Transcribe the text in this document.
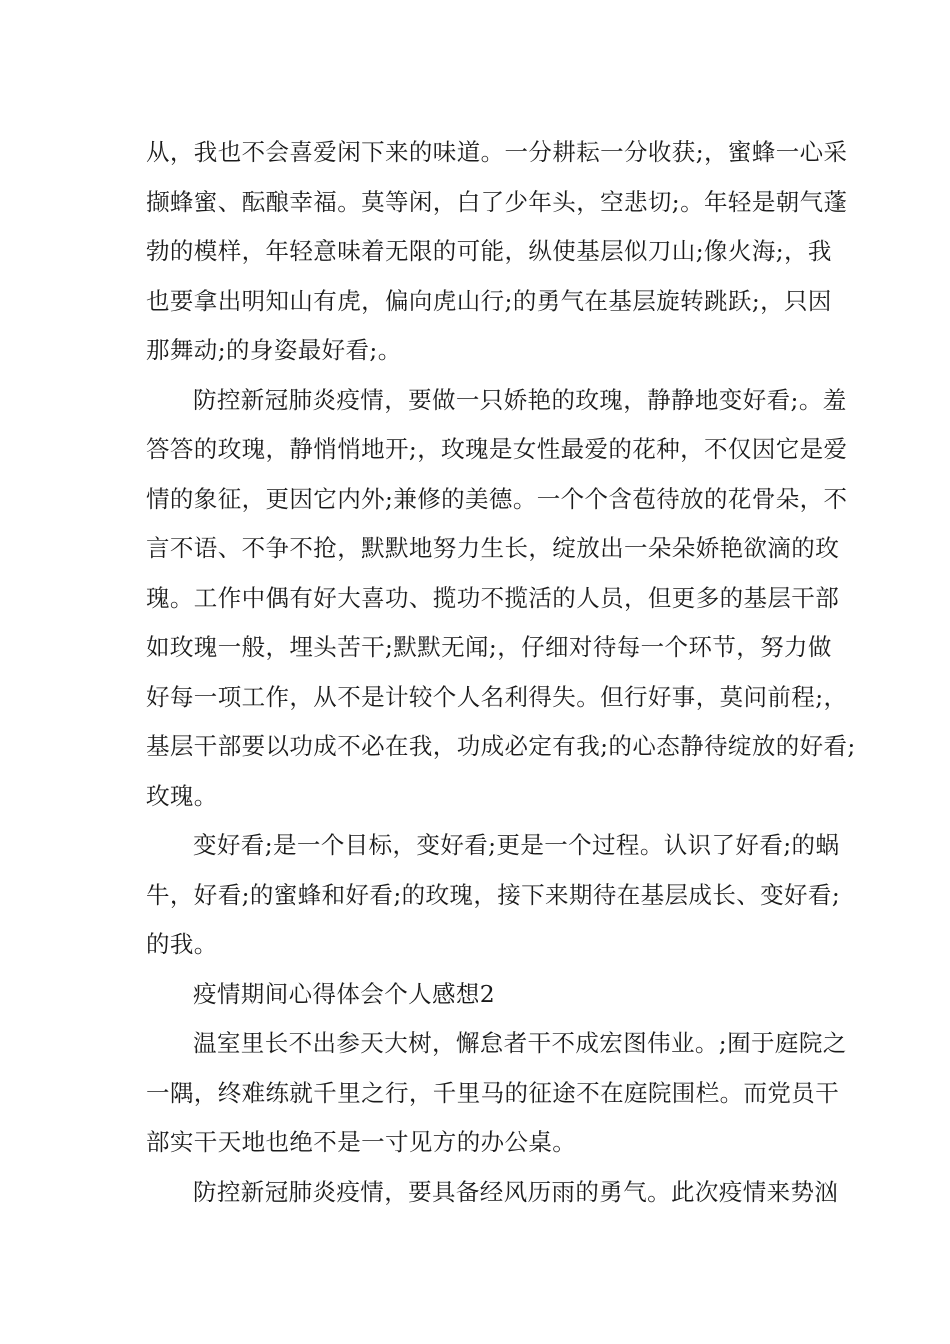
从，我也不会喜爱闲下来的味道。一分耕耘一分收获;，蜜蜂一心采
撷蜂蜜、酝酿幸福。莫等闲，白了少年头，空悲切;。年轻是朝气蓬
勃的模样，年轻意味着无限的可能，纵使基层似刀山;像火海;，我
也要拿出明知山有虎，偏向虎山行;的勇气在基层旋转跳跃;，只因
那舞动;的身姿最好看;。
防控新冠肺炎疫情，要做一只娇艳的玫瑰，静静地变好看;。羞
答答的玫瑰，静悄悄地开;，玫瑰是女性最爱的花种，不仅因它是爱
情的象征，更因它内外;兼修的美德。一个个含苞待放的花骨朵，不
言不语、不争不抢，默默地努力生长，绽放出一朵朵娇艳欲滴的玫
瑰。工作中偶有好大喜功、揽功不揽活的人员，但更多的基层干部
如玫瑰一般，埋头苦干;默默无闻;，仔细对待每一个环节，努力做
好每一项工作，从不是计较个人名利得失。但行好事，莫问前程;，
基层干部要以功成不必在我，功成必定有我;的心态静待绽放的好看;
玫瑰。
变好看;是一个目标，变好看;更是一个过程。认识了好看;的蜗
牛，好看;的蜜蜂和好看;的玫瑰，接下来期待在基层成长、变好看;
的我。
疫情期间心得体会个人感想2
温室里长不出参天大树，懈怠者干不成宏图伟业。;囿于庭院之
一隅，终难练就千里之行，千里马的征途不在庭院围栏。而党员干
部实干天地也绝不是一寸见方的办公桌。
防控新冠肺炎疫情，要具备经风历雨的勇气。此次疫情来势汹
